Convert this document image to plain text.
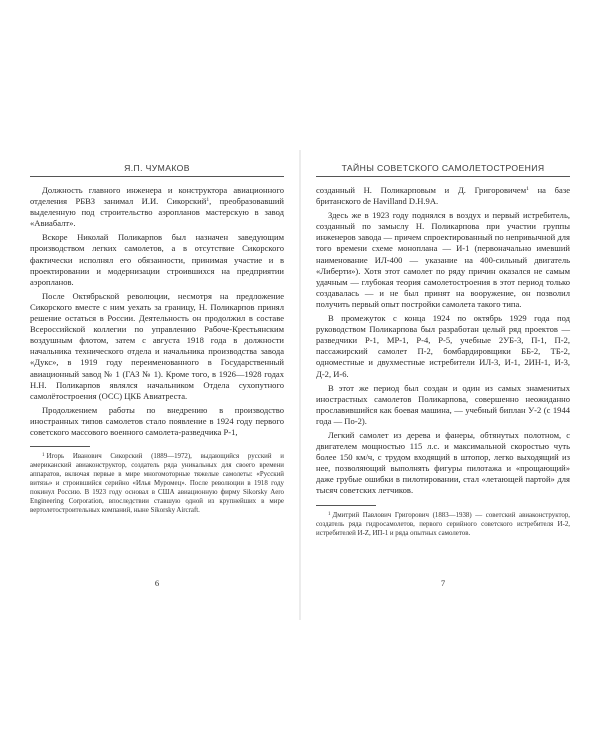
Я.П. ЧУМАКОВ

Должность главного инженера и конструктора авиационного отделения РБВЗ занимал И.И. Сикорский$^1$, преобразовавший выделенную под строительство аэропланов мастерскую в завод «Авиабалт».

Вскоре Николай Поликарпов был назначен заведующим производством легких самолетов, а в отсутствие Сикорского фактически исполнял его обязанности, принимая участие и в проектировании и модернизации строившихся на предприятии аэропланов.

После Октябрьской революции, несмотря на предложение Сикорского вместе с ним уехать за границу, Н. Поликарпов принял решение остаться в России. Деятельность он продолжил в составе Всероссийской коллегии по управлению Рабоче-Крестьянским воздушным флотом, затем с августа 1918 года в должности начальника технического отдела и начальника производства завода «Дукс», в 1919 году переименованного в Государственный авиационный завод № 1 (ГАЗ № 1). Кроме того, в 1926—1928 годах Н.Н. Поликарпов являлся начальником Отдела сухопутного самолётостроения (ОСС) ЦКБ Авиатреста.

Продолжением работы по внедрению в производство иностранных типов самолетов стало появление в 1924 году первого советского массового военного самолета-разведчика Р-1,

$^1$ Игорь Иванович Сикорский (1889—1972), выдающийся русский и американский авиаконструктор, создатель ряда уникальных для своего времени аппаратов, включая первые в мире многомоторные тяжелые самолеты: «Русский витязь» и строившийся серийно «Илья Муромец». После революции в 1918 году покинул Россию. В 1923 году основал в США авиационную фирму Sikorsky Aero Engineering Corporation, впоследствии ставшую одной из крупнейших в мире вертолетостроительных компаний, ныне Sikorsky Aircraft.

ТАЙНЫ СОВЕТСКОГО САМОЛЕТОСТРОЕНИЯ

созданный Н. Поликарповым и Д. Григоровичем$^1$ на базе британского de Havilland D.H.9A.

Здесь же в 1923 году поднялся в воздух и первый истребитель, созданный по замыслу Н. Поликарпова при участии группы инженеров завода — причем спроектированный по непривычной для того времени схеме моноплана — И-1 (первоначально имевший наименование ИЛ-400 — указание на 400-сильный двигатель «Либерти»). Хотя этот самолет по ряду причин оказался не самым удачным — глубокая теория самолетостроения в этот период только создавалась — и не был принят на вооружение, он позволил получить первый опыт постройки самолета такого типа.

В промежуток с конца 1924 по октябрь 1929 года под руководством Поликарпова был разработан целый ряд проектов — разведчики Р-1, МР-1, Р-4, Р-5, учебные 2УБ-3, П-1, П-2, пассажирский самолет П-2, бомбардировщики ББ-2, ТБ-2, одноместные и двухместные истребители ИЛ-3, И-1, 2ИН-1, И-3, Д-2, И-6.

В этот же период был создан и один из самых знаменитых инострастных самолетов Поликарпова, совершенно неожиданно прославившийся как боевая машина, — учебный биплан У-2 (с 1944 года — По-2).

Легкий самолет из дерева и фанеры, обтянутых полотном, с двигателем мощностью 115 л.с. и максимальной скоростью чуть более 150 км/ч, с трудом входящий в штопор, легко выходящий из нее, позволяющий выполнять фигуры пилотажа и «прощающий» даже грубые ошибки в пилотировании, стал «летающей партой» для тысяч советских летчиков.

$^1$ Дмитрий Павлович Григорович (1883—1938) — советский авиаконструктор, создатель ряда гидросамолетов, первого серийного советского истребителя И-2, истребителей И-Z, ИП-1 и ряда опытных самолетов.

6	7
